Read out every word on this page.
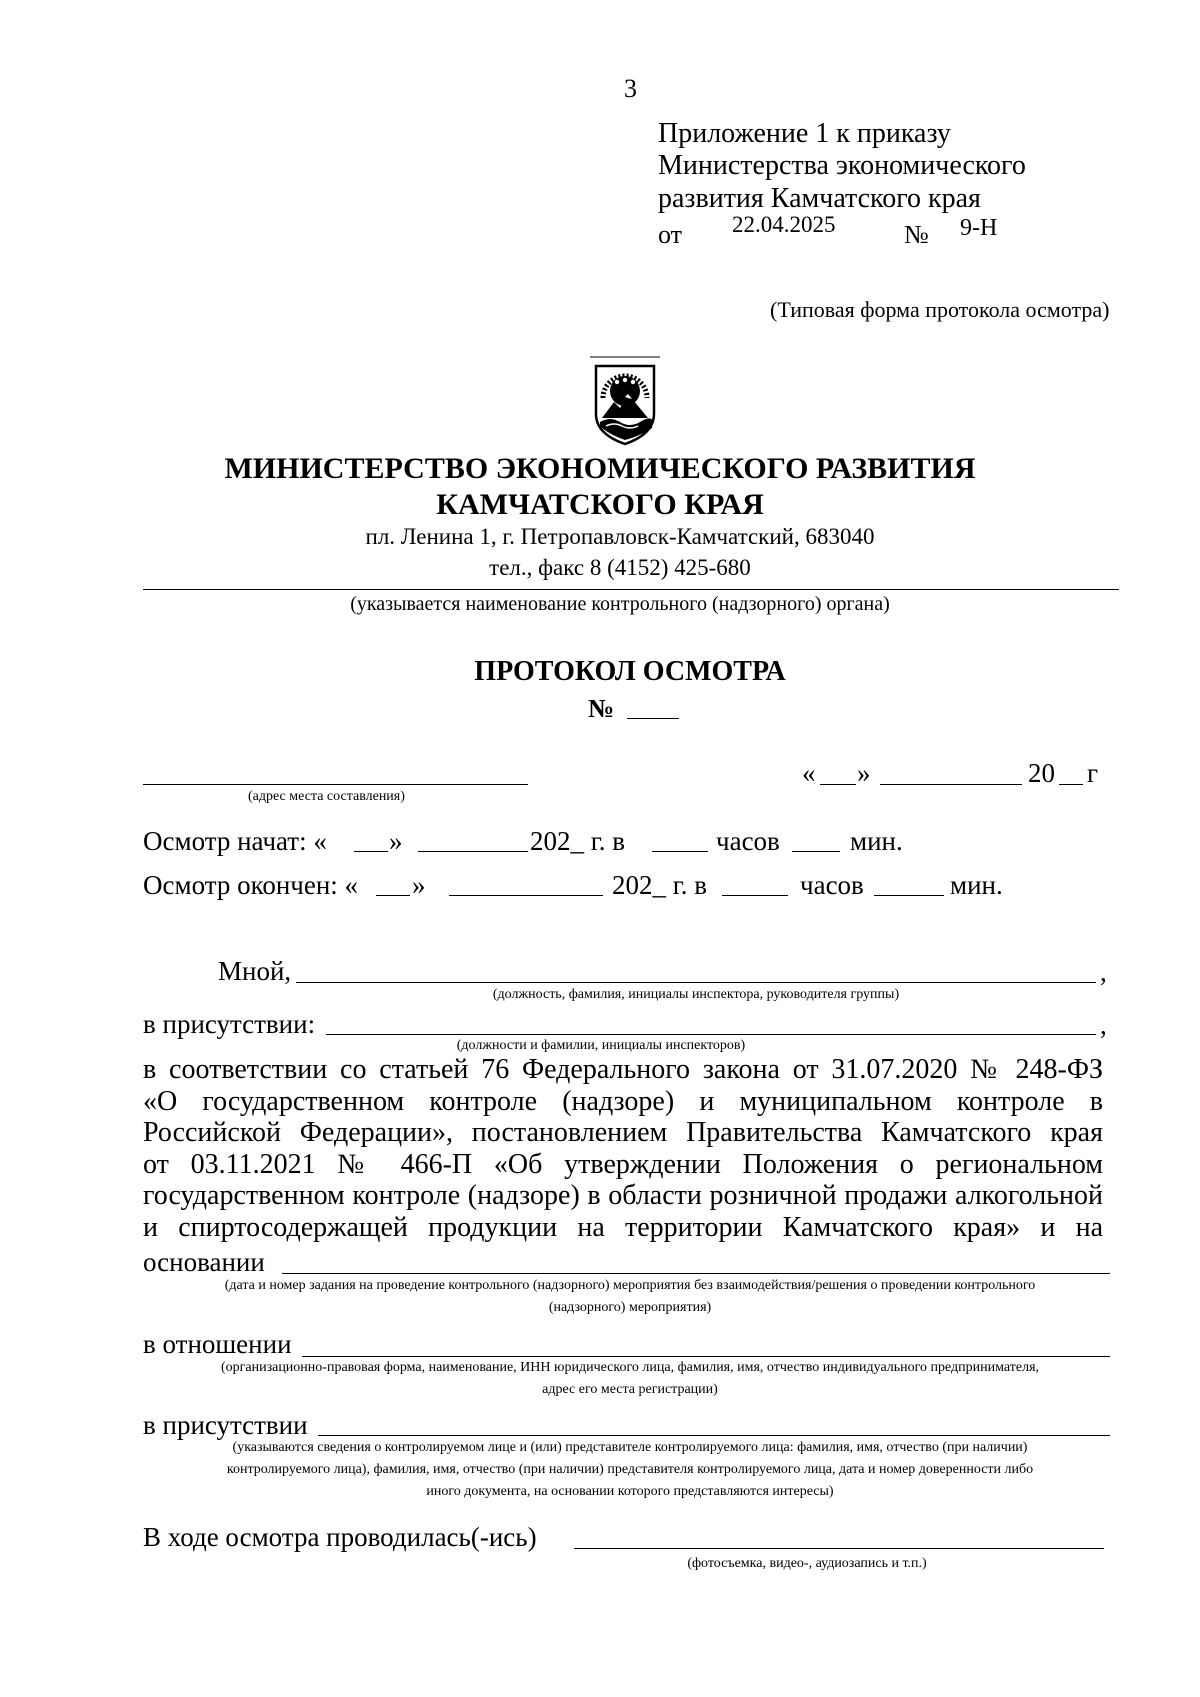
3
Приложение 1 к приказу
Министерства экономического
развития Камчатского края
от 22.04.2025	№ 9-Н
(Типовая форма протокола осмотра)
МИНИСТЕРСТВО ЭКОНОМИЧЕСКОГО РАЗВИТИЯ
КАМЧАТСКОГО КРАЯ
пл. Ленина 1, г. Петропавловск-Камчатский, 683040
тел., факс 8 (4152) 425-680
(указывается наименование контрольного (надзорного) органа)
ПРОТОКОЛ ОСМОТРА
№
(адрес места составления)
« »	20 г
Осмотр начат: « »	202_ г. в	часов	мин.
Осмотр окончен: « »	202_ г. в	часов	мин.
Мной,	,
(должность, фамилия, инициалы инспектора, руководителя группы)
в присутствии:	,
(должности и фамилии, инициалы инспекторов)
в соответствии со статьей 76 Федерального закона от 31.07.2020 № 248-ФЗ
«О государственном контроле (надзоре) и муниципальном контроле в
Российской Федерации», постановлением Правительства Камчатского края
от 03.11.2021 № 466-П «Об утверждении Положения о региональном
государственном контроле (надзоре) в области розничной продажи алкогольной
и спиртосодержащей продукции на территории Камчатского края» и на
основании
(дата и номер задания на проведение контрольного (надзорного) мероприятия без взаимодействия/решения о проведении контрольного
(надзорного) мероприятия)
в отношении
(организационно-правовая форма, наименование, ИНН юридического лица, фамилия, имя, отчество индивидуального предпринимателя,
адрес его места регистрации)
в присутствии
(указываются сведения о контролируемом лице и (или) представителе контролируемого лица: фамилия, имя, отчество (при наличии)
контролируемого лица), фамилия, имя, отчество (при наличии) представителя контролируемого лица, дата и номер доверенности либо
иного документа, на основании которого представляются интересы)
В ходе осмотра проводилась(-ись)
(фотосъемка, видео-, аудиозапись и т.п.)
